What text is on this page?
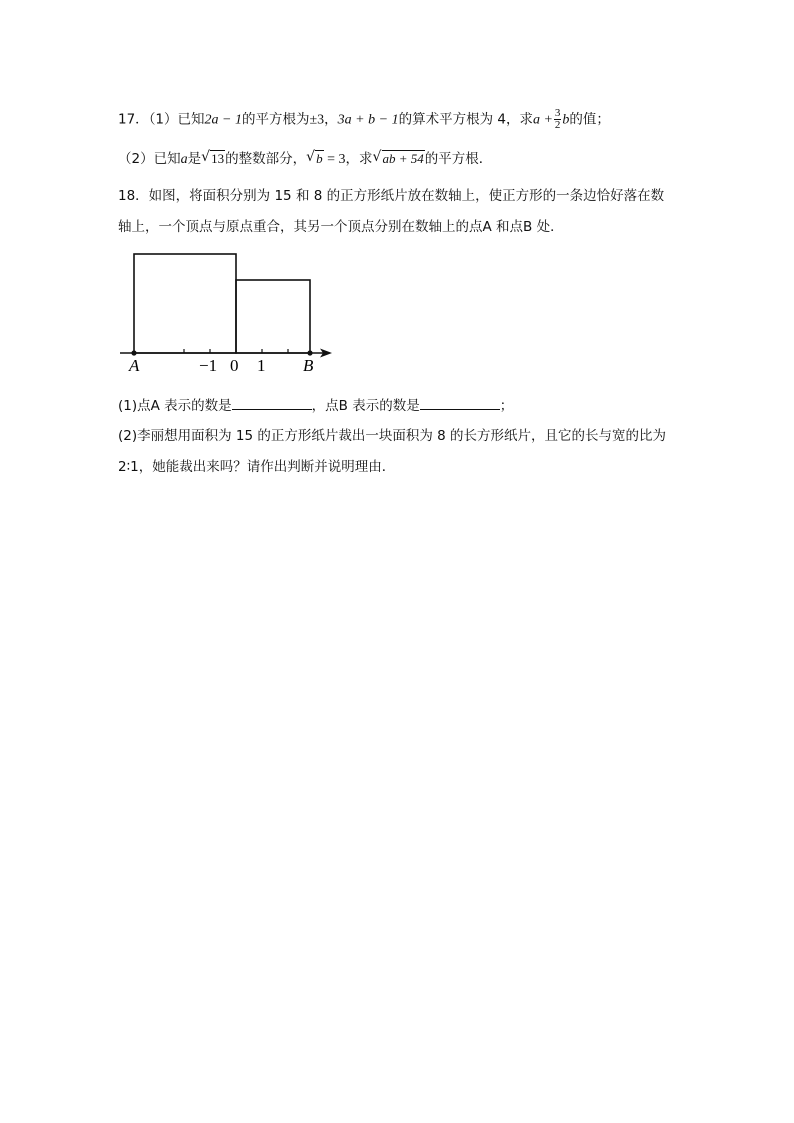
17．（1）已知2a − 1的平方根为±3，3a + b − 1的算术平方根为 4，求$a + \frac{3}{2}$ b的值；
（2）已知a是 √ 13的整数部分， √ b = 3，求 √ ab + 54的平方根．
18．如图，将面积分别为 15 和 8 的正方形纸片放在数轴上，使正方形的一条边恰好落在数
轴上，一个顶点与原点重合，其另一个顶点分别在数轴上的点A 和点B 处．
A	−1 0 1 B
(1)点A 表示的数是	，点B 表示的数是	；
(2)李丽想用面积为 15 的正方形纸片裁出一块面积为 8 的长方形纸片，且它的长与宽的比为
2∶1，她能裁出来吗？请作出判断并说明理由．
